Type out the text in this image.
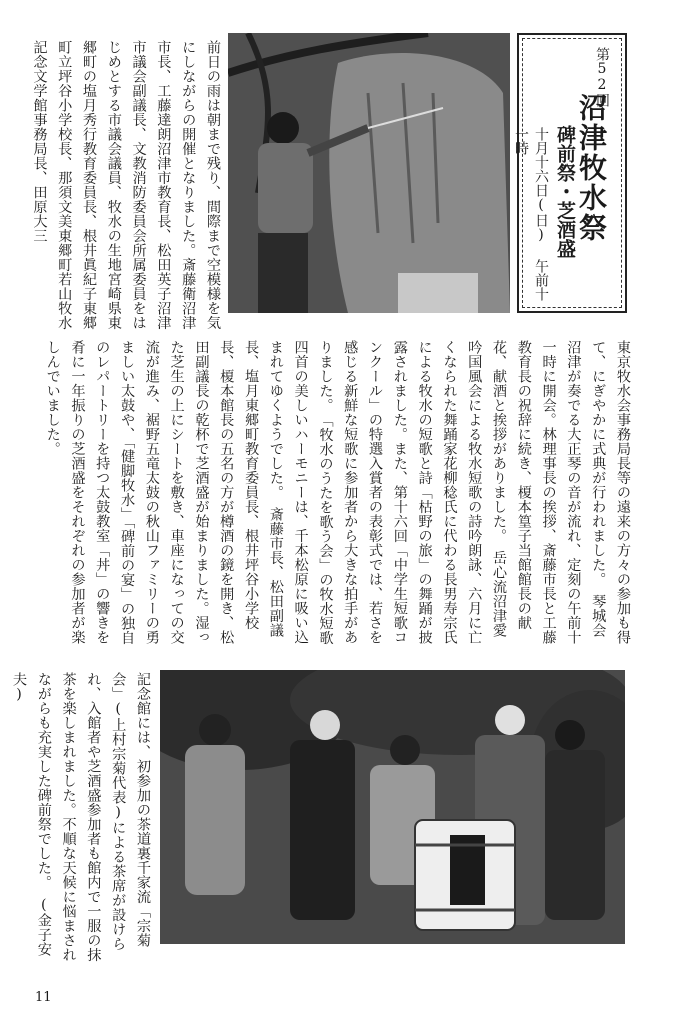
第52回
沼津牧水祭
碑前祭・芝酒盛
十月十六日(日) 午前十一時
前日の雨は朝まで残り、間際まで空模様を気にしながらの開催となりました。斎藤衛沼津市長、工藤達朗沼津市教育長、松田英子沼津市議会副議長、文教消防委員会所属委員をはじめとする市議会議員、牧水の生地宮崎県東郷町の塩月秀行教育委員長、根井眞紀子東郷町立坪谷小学校長、那須文美東郷町若山牧水記念文学館事務局長、田原大三
東京牧水会事務局長等の遠来の方々の参加も得て、にぎやかに式典が行われました。　琴城会沼津が奏でる大正琴の音が流れ、定刻の午前十一時に開会。林理事長の挨拶、斎藤市長と工藤教育長の祝辞に続き、榎本篁子当館館長の献花、献酒と挨拶がありました。　岳心流沼津愛吟国風会による牧水短歌の詩吟朗詠、六月に亡くなられた舞踊家花柳稔氏に代わる長男寿宗氏による牧水の短歌と詩「枯野の旅」の舞踊が披露されました。また、第十六回「中学生短歌コンクール」の特選入賞者の表彰式では、若さを感じる新鮮な短歌に参加者から大きな拍手がありました。　「牧水のうたを歌う会」の牧水短歌四首の美しいハーモニーは、千本松原に吸い込まれてゆくようでした。　斎藤市長、松田副議長、塩月東郷町教育委員長、根井坪谷小学校長、榎本館長の五名の方が樽酒の鏡を開き、松田副議長の乾杯で芝酒盛が始まりました。湿った芝生の上にシートを敷き、車座になっての交流が進み、裾野五竜太鼓の秋山ファミリーの勇ましい太鼓や、「健脚牧水」「碑前の宴」の独自のレパートリーを持つ太鼓教室「丼」の響きを肴に一年振りの芝酒盛をそれぞれの参加者が楽しんでいました。
記念館には、初参加の茶道裏千家流「宗菊会」(上村宗菊代表)による茶席が設けられ、入館者や芝酒盛参加者も館内で一服の抹茶を楽しまれました。不順な天候に悩まされながらも充実した碑前祭でした。　(金子安夫)
11
